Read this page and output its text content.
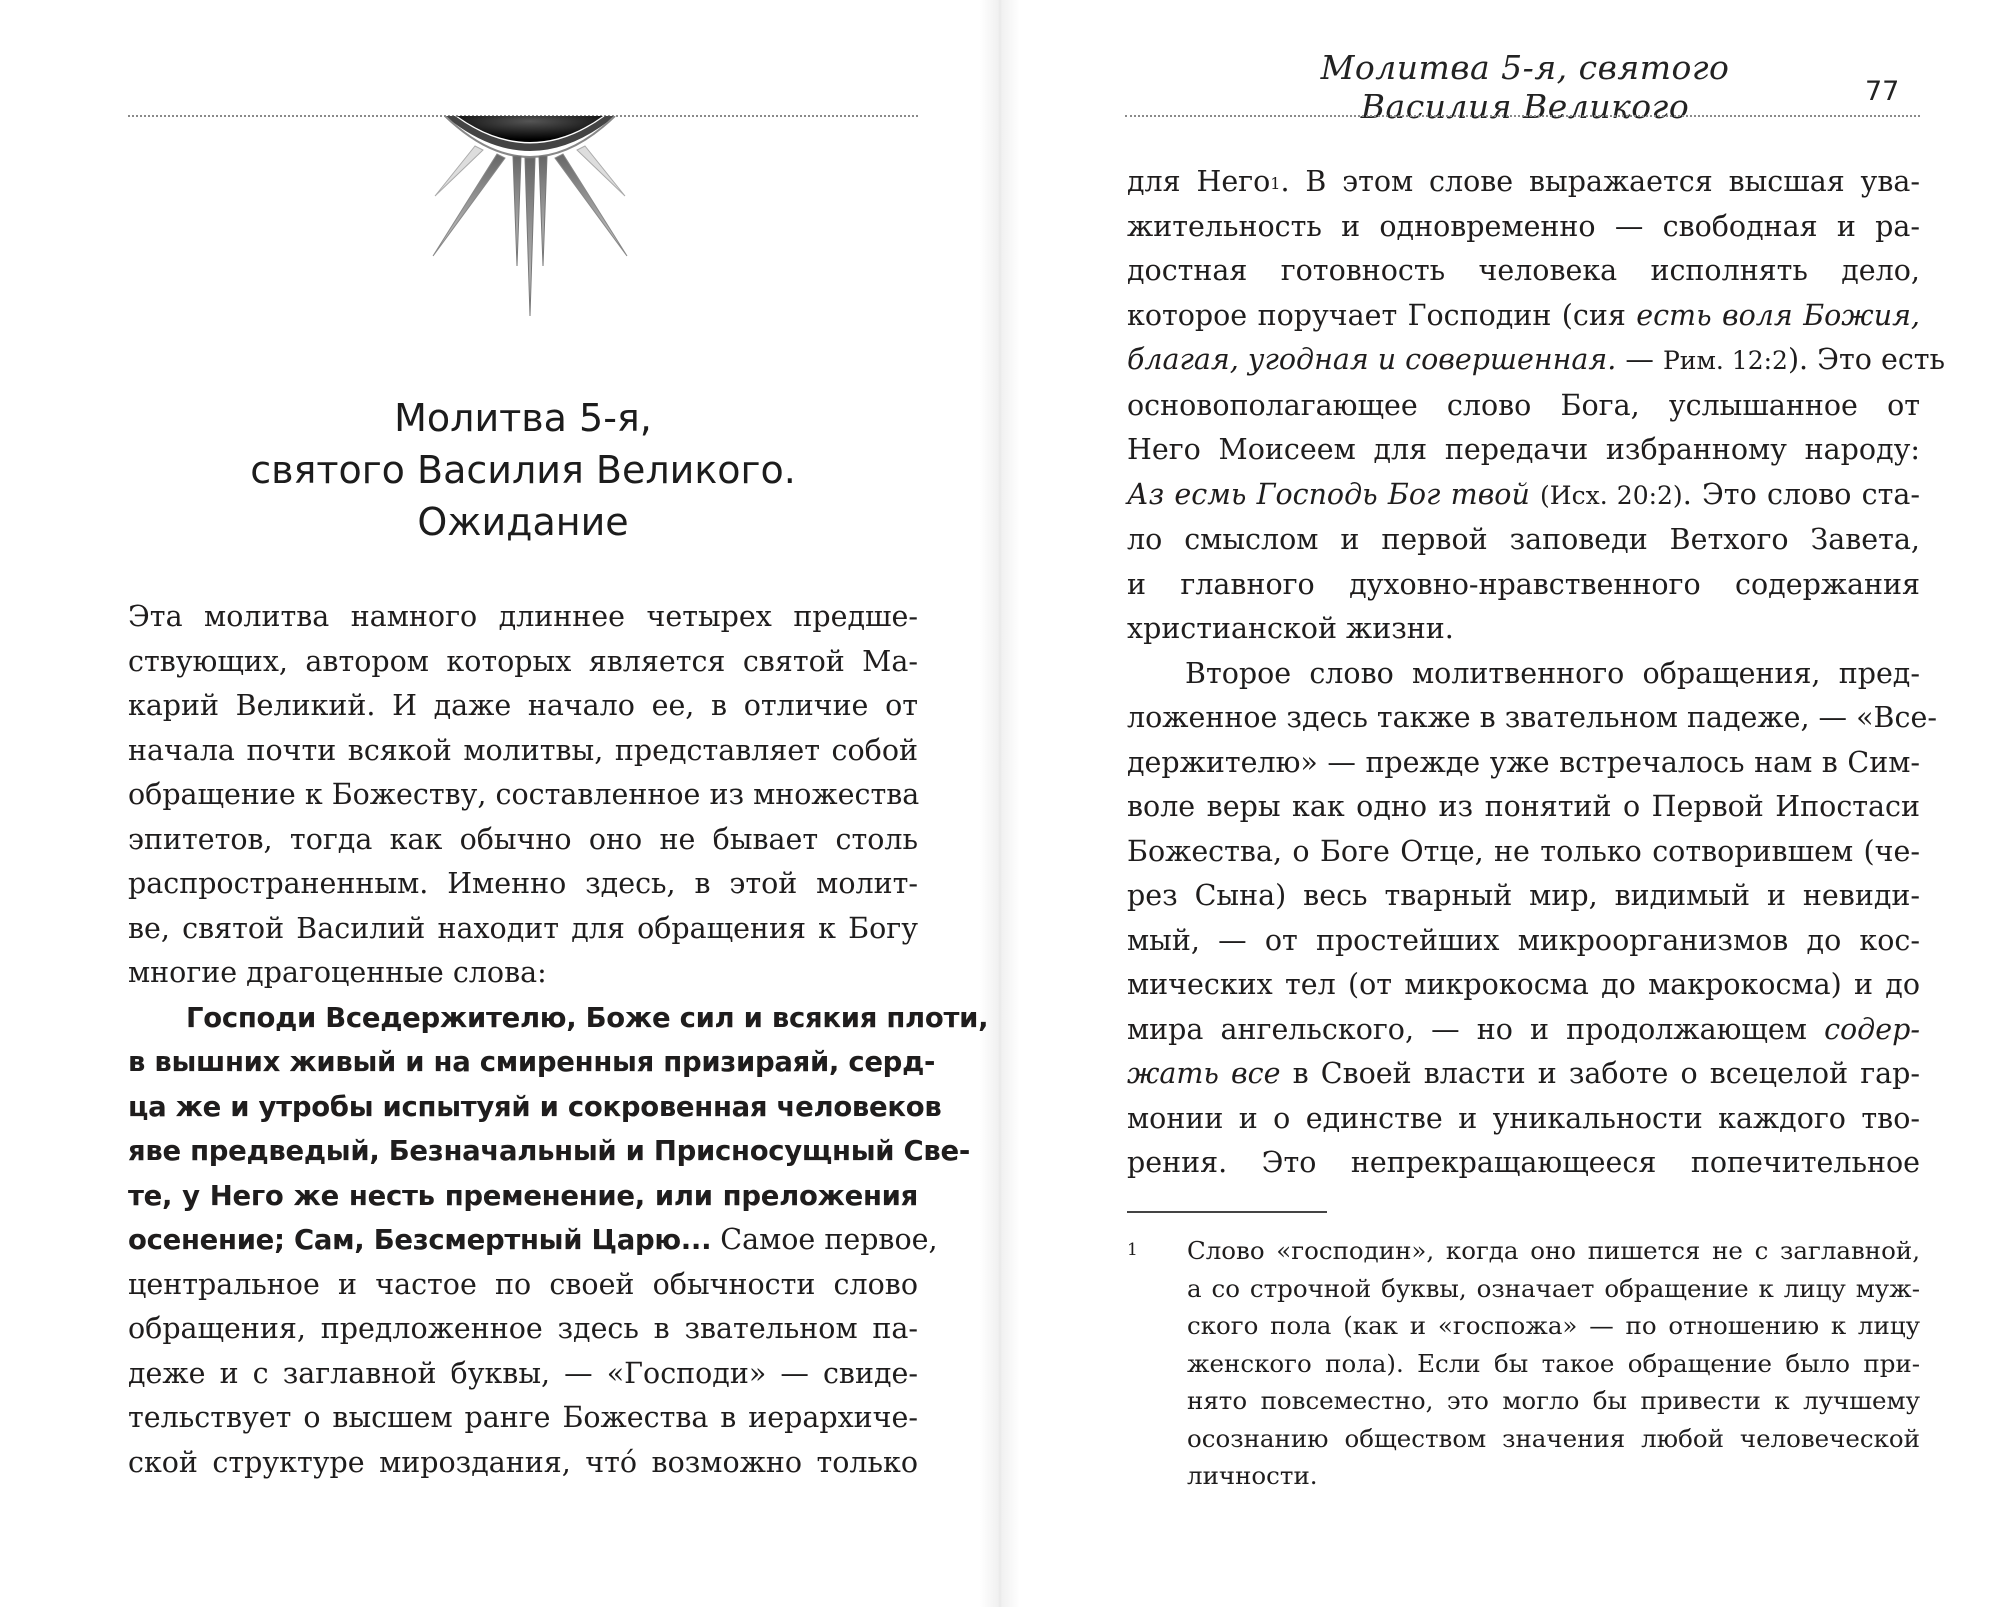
Молитва 5-я,
святого Василия Великого.
Ожидание
Эта молитва намного длиннее четырех предше-
ствующих, автором которых является святой Ма-
карий Великий. И даже начало ее, в отличие от
начала почти всякой молитвы, представляет собой
обращение к Божеству, составленное из множества
эпитетов, тогда как обычно оно не бывает столь
распространенным. Именно здесь, в этой молит-
ве, святой Василий находит для обращения к Богу
многие драгоценные слова:
Господи Вседержителю, Боже сил и всякия плоти,
в вышних живый и на смиренныя призираяй, серд-
ца же и утробы испытуяй и сокровенная человеков
яве предведый, Безначальный и Присносущный Све-
те, у Него же несть пременение, или преложения
осенение; Сам, Безсмертный Царю... Самое первое,
центральное и частое по своей обычности слово
обращения, предложенное здесь в звательном па-
деже и с заглавной буквы, — «Господи» — свиде-
тельствует о высшем ранге Божества в иерархиче-
ской структуре мироздания, что́ возможно только
Молитва 5-я, святого Василия Великого	77
для Него$^1$. В этом слове выражается высшая ува-
жительность и одновременно — свободная и ра-
достная готовность человека исполнять дело,
которое поручает Господин (сия есть воля Божия,
благая, угодная и совершенная. — Рим. 12:2). Это есть
основополагающее слово Бога, услышанное от
Него Моисеем для передачи избранному народу:
Аз есмь Господь Бог твой (Исх. 20:2). Это слово ста-
ло смыслом и первой заповеди Ветхого Завета,
и главного духовно-нравственного содержания
христианской жизни.
Второе слово молитвенного обращения, пред-
ложенное здесь также в звательном падеже, — «Все-
держителю» — прежде уже встречалось нам в Сим-
воле веры как одно из понятий о Первой Ипостаси
Божества, о Боге Отце, не только сотворившем (че-
рез Сына) весь тварный мир, видимый и невиди-
мый, — от простейших микроорганизмов до кос-
мических тел (от микрокосма до макрокосма) и до
мира ангельского, — но и продолжающем содер-
жать все в Своей власти и заботе о всецелой гар-
монии и о единстве и уникальности каждого тво-
рения. Это непрекращающееся попечительное
1 Слово «господин», когда оно пишется не с заглавной,
а со строчной буквы, означает обращение к лицу муж-
ского пола (как и «госпожа» — по отношению к лицу
женского пола). Если бы такое обращение было при-
нято повсеместно, это могло бы привести к лучшему
осознанию обществом значения любой человеческой
личности.
